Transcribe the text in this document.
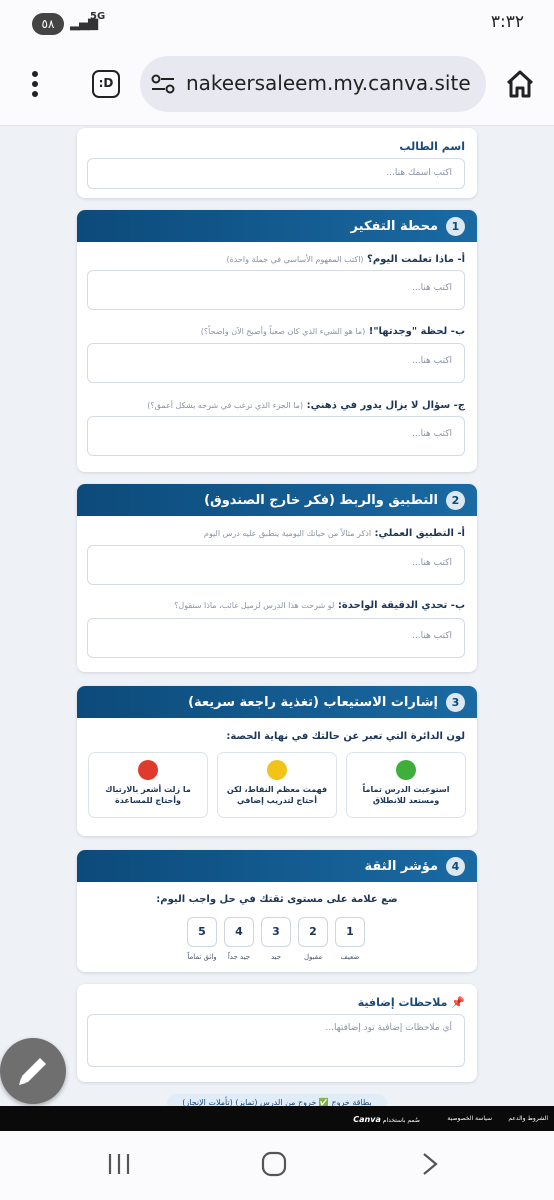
٥٨	▂▄▆
5G	٣:٣٢
:D	nakeersaleem.my.canva.site
اسم الطالب
اكتب اسمك هنا...
1
محطة التفكير
أ- ماذا تعلمت اليوم؟ (اكتب المفهوم الأساسي في جملة واحدة)
اكتب هنا...
ب- لحظة "وجدتها"! (ما هو الشيء الذي كان صعباً وأصبح الآن واضحاً؟)
اكتب هنا...
ج- سؤال لا يزال يدور في ذهني: (ما الجزء الذي ترغب في شرحه بشكل أعمق؟)
اكتب هنا...
2
التطبيق والربط (فكر خارج الصندوق)
أ- التطبيق العملي: اذكر مثالاً من حياتك اليومية ينطبق عليه درس اليوم
اكتب هنا...
ب- تحدي الدقيقة الواحدة: لو شرحت هذا الدرس لزميل غائب، ماذا ستقول؟
اكتب هنا...
3
إشارات الاستيعاب (تغذية راجعة سريعة)
لون الدائرة التي تعبر عن حالتك في نهاية الحصة:
استوعبت الدرس تماماً
ومستعد للانطلاق
فهمت معظم النقاط، لكن
أحتاج لتدريب إضافي
ما زلت أشعر بالارتباك
وأحتاج للمساعدة
4
مؤشر الثقة
ضع علامة على مستوى ثقتك في حل واجب اليوم:
1
2
3
4
5
ضعيف
مقبول
جيد
جيد جداً
واثق تماماً
📌 ملاحظات إضافية
أي ملاحظات إضافية تود إضافتها...
بطاقة خروج ✅ خروج من الدرس (تمايز) (تأملات الإنجاز)
الشروط والدعم
سياسة الخصوصية
صُمم باستخدام Canva
